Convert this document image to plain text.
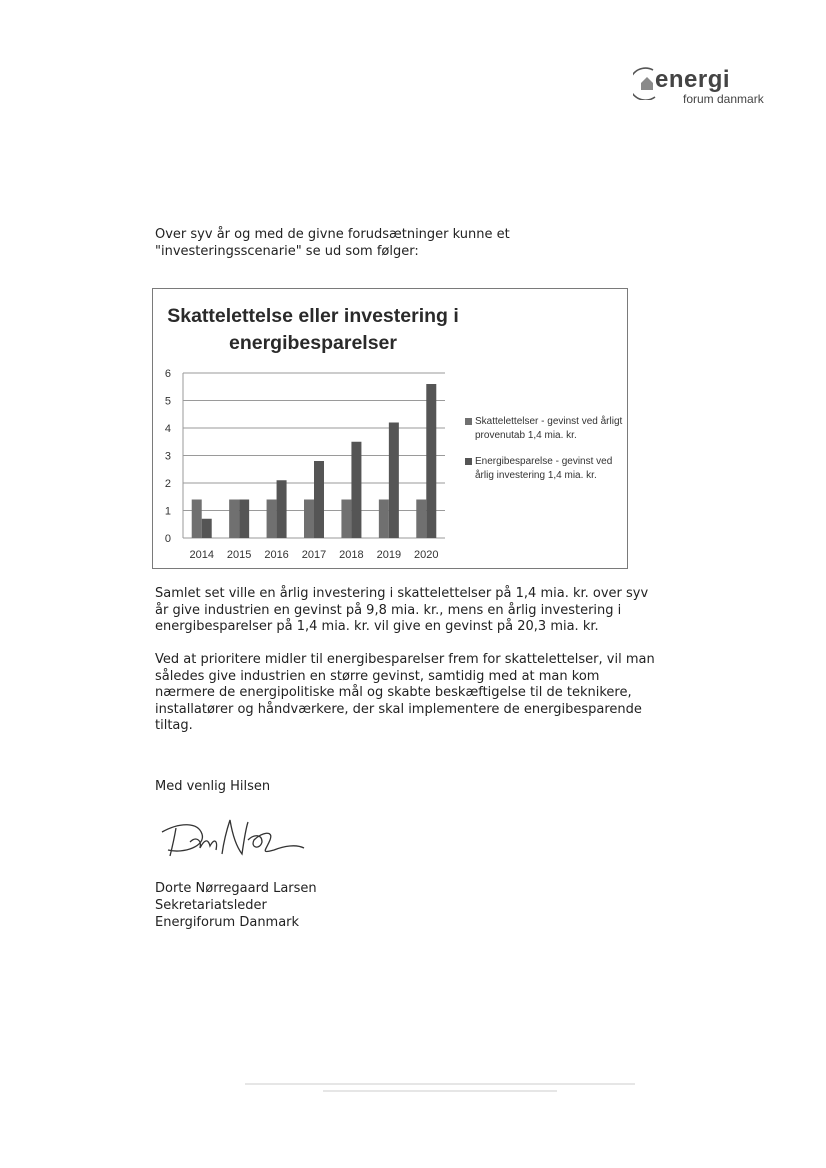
energi
forum danmark
Over syv år og med de givne forudsætninger kunne et "investeringsscenarie" se ud som følger:
Skattelettelse eller investering i
energibesparelser
0
1
2
3
4
5
6
2014 2015 2016 2017 2018 2019 2020
Skattelettelser - gevinst ved årligt provenutab 1,4 mia. kr.
Energibesparelse - gevinst ved årlig investering 1,4 mia. kr.
Samlet set ville en årlig investering i skattelettelser på 1,4 mia. kr. over syv år give industrien en gevinst på 9,8 mia. kr., mens en årlig investering i energibesparelser på 1,4 mia. kr. vil give en gevinst på 20,3 mia. kr.
Ved at prioritere midler til energibesparelser frem for skattelettelser, vil man således give industrien en større gevinst, samtidig med at man kom nærmere de energipolitiske mål og skabte beskæftigelse til de teknikere, installatører og håndværkere, der skal implementere de energibesparende tiltag.
Med venlig Hilsen
Dorte Nørregaard Larsen
Sekretariatsleder
Energiforum Danmark
